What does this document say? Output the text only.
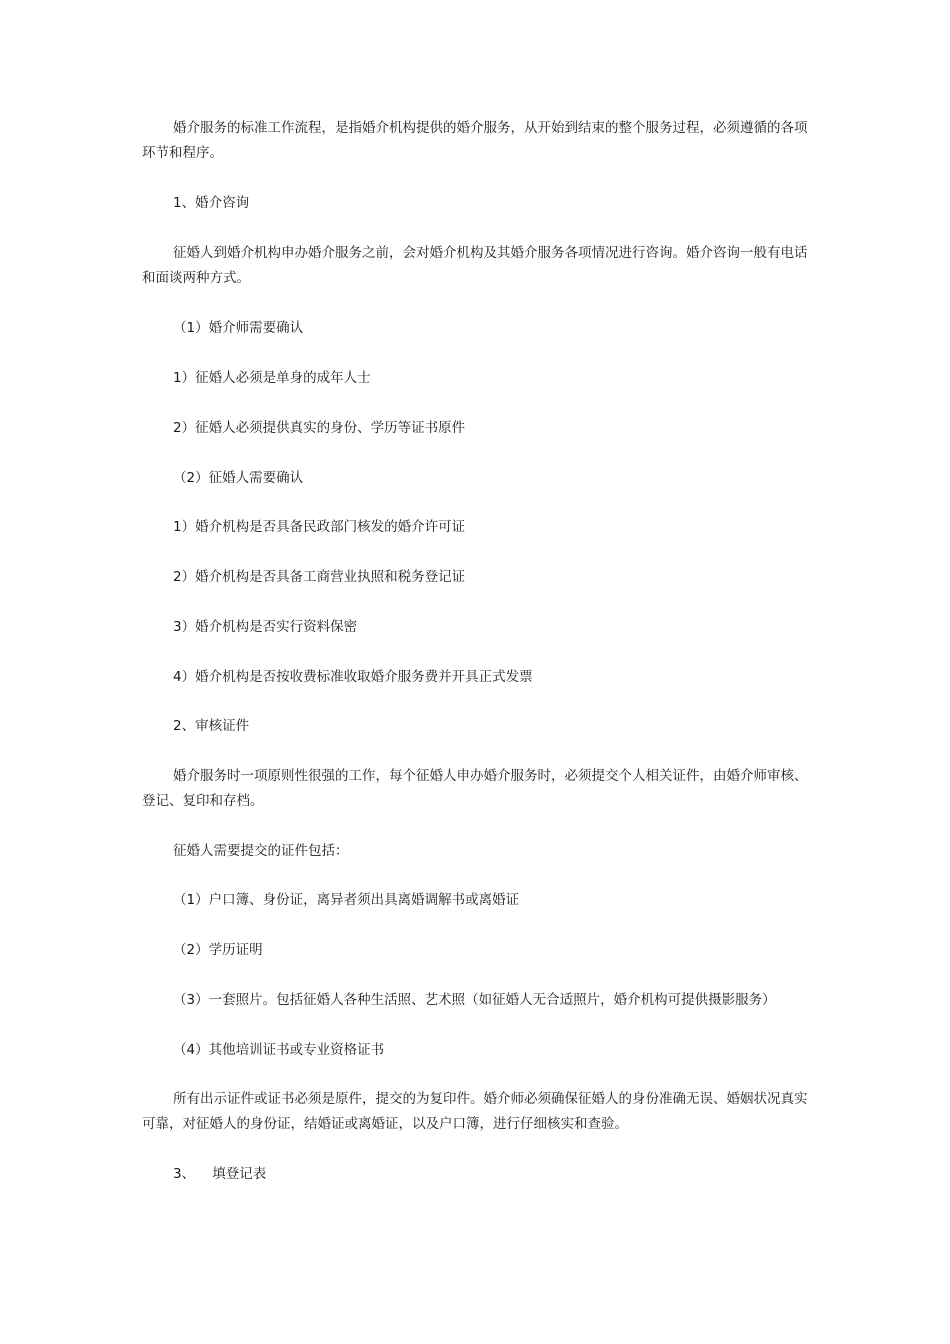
婚介服务的标准工作流程，是指婚介机构提供的婚介服务，从开始到结束的整个服务过程，必须遵循的各项环节和程序。

1、婚介咨询

征婚人到婚介机构申办婚介服务之前，会对婚介机构及其婚介服务各项情况进行咨询。婚介咨询一般有电话和面谈两种方式。

（1）婚介师需要确认

1）征婚人必须是单身的成年人士

2）征婚人必须提供真实的身份、学历等证书原件

（2）征婚人需要确认

1）婚介机构是否具备民政部门核发的婚介许可证

2）婚介机构是否具备工商营业执照和税务登记证

3）婚介机构是否实行资料保密

4）婚介机构是否按收费标准收取婚介服务费并开具正式发票

2、审核证件

婚介服务时一项原则性很强的工作，每个征婚人申办婚介服务时，必须提交个人相关证件，由婚介师审核、登记、复印和存档。

征婚人需要提交的证件包括：

（1）户口簿、身份证，离异者须出具离婚调解书或离婚证

（2）学历证明

（3）一套照片。包括征婚人各种生活照、艺术照（如征婚人无合适照片，婚介机构可提供摄影服务）

（4）其他培训证书或专业资格证书

所有出示证件或证书必须是原件，提交的为复印件。婚介师必须确保征婚人的身份准确无误、婚姻状况真实可靠，对征婚人的身份证，结婚证或离婚证，以及户口簿，进行仔细核实和查验。

3、    填登记表
